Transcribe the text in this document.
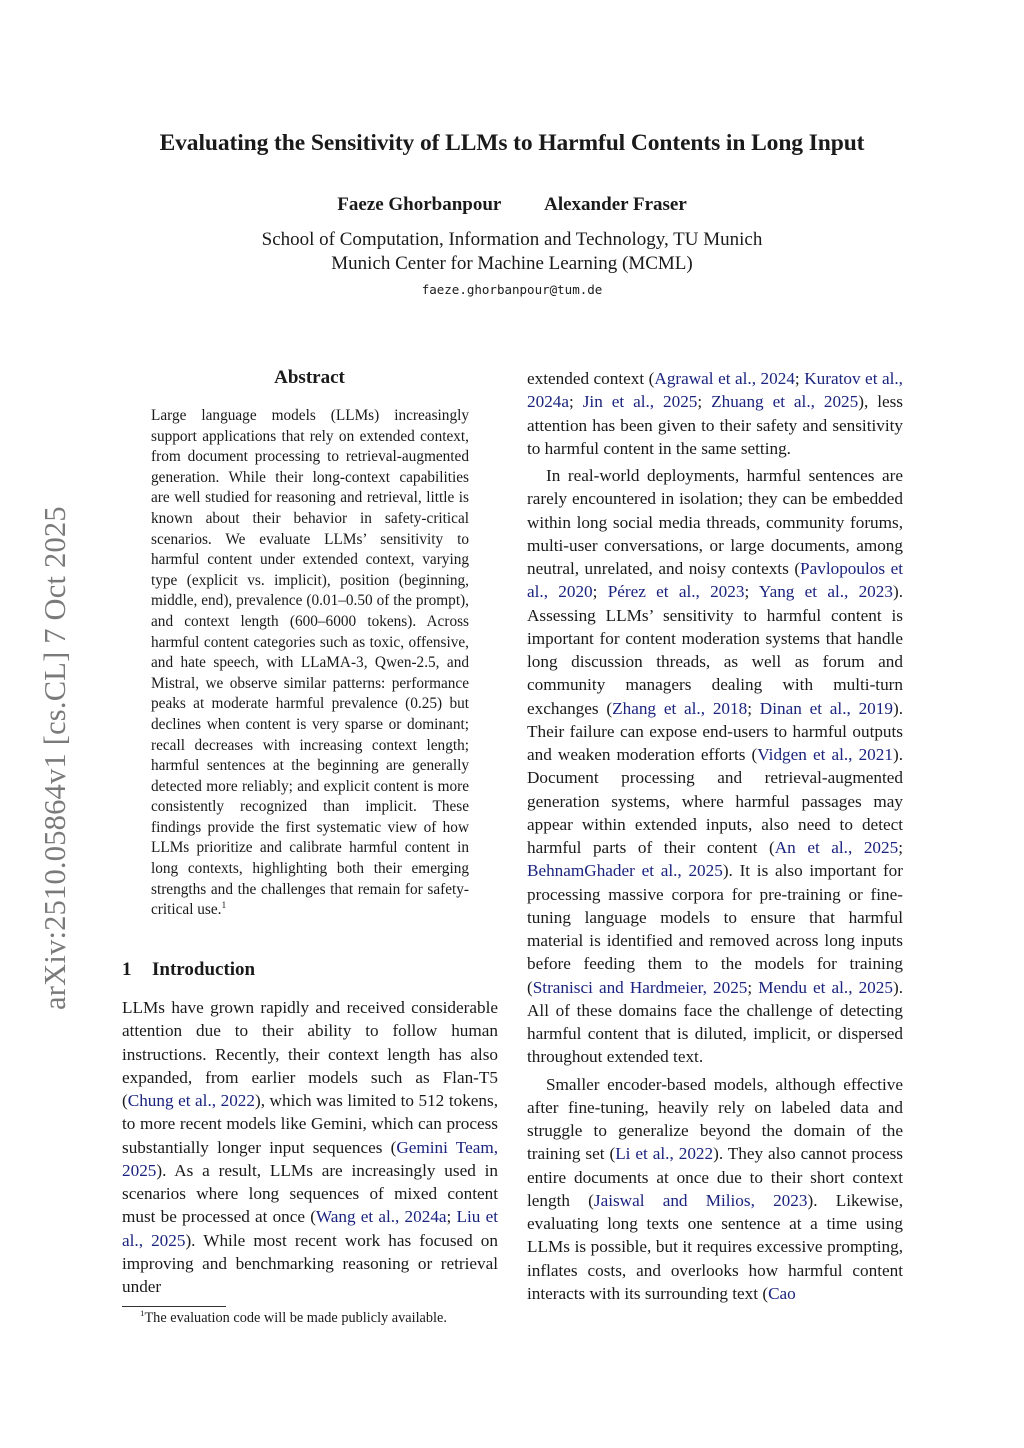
Evaluating the Sensitivity of LLMs to Harmful Contents in Long Input
Faeze Ghorbanpour Alexander Fraser
School of Computation, Information and Technology, TU Munich
Munich Center for Machine Learning (MCML)
faeze.ghorbanpour@tum.de
arXiv:2510.05864v1 [cs.CL] 7 Oct 2025
Abstract
Large language models (LLMs) increasingly support applications that rely on extended context, from document processing to retrieval-augmented generation. While their long-context capabilities are well studied for reasoning and retrieval, little is known about their behavior in safety-critical scenarios. We evaluate LLMs’ sensitivity to harmful content under extended context, varying type (explicit vs. implicit), position (beginning, middle, end), prevalence (0.01–0.50 of the prompt), and context length (600–6000 tokens). Across harmful content categories such as toxic, offensive, and hate speech, with LLaMA-3, Qwen-2.5, and Mistral, we observe similar patterns: performance peaks at moderate harmful prevalence (0.25) but declines when content is very sparse or dominant; recall decreases with increasing context length; harmful sentences at the beginning are generally detected more reliably; and explicit content is more consistently recognized than implicit. These findings provide the first systematic view of how LLMs prioritize and calibrate harmful content in long contexts, highlighting both their emerging strengths and the challenges that remain for safety-critical use.$^1$
1 Introduction

LLMs have grown rapidly and received considerable attention due to their ability to follow human instructions. Recently, their context length has also expanded, from earlier models such as Flan-T5 (Chung et al., 2022), which was limited to 512 tokens, to more recent models like Gemini, which can process substantially longer input sequences (Gemini Team, 2025). As a result, LLMs are increasingly used in scenarios where long sequences of mixed content must be processed at once (Wang et al., 2024a; Liu et al., 2025). While most recent work has focused on improving and benchmarking reasoning or retrieval under

$^1$The evaluation code will be made publicly available.

extended context (Agrawal et al., 2024; Kuratov et al., 2024a; Jin et al., 2025; Zhuang et al., 2025), less attention has been given to their safety and sensitivity to harmful content in the same setting.

In real-world deployments, harmful sentences are rarely encountered in isolation; they can be embedded within long social media threads, community forums, multi-user conversations, or large documents, among neutral, unrelated, and noisy contexts (Pavlopoulos et al., 2020; Pérez et al., 2023; Yang et al., 2023). Assessing LLMs’ sensitivity to harmful content is important for content moderation systems that handle long discussion threads, as well as forum and community managers dealing with multi-turn exchanges (Zhang et al., 2018; Dinan et al., 2019). Their failure can expose end-users to harmful outputs and weaken moderation efforts (Vidgen et al., 2021). Document processing and retrieval-augmented generation systems, where harmful passages may appear within extended inputs, also need to detect harmful parts of their content (An et al., 2025; BehnamGhader et al., 2025). It is also important for processing massive corpora for pre-training or fine-tuning language models to ensure that harmful material is identified and removed across long inputs before feeding them to the models for training (Stranisci and Hardmeier, 2025; Mendu et al., 2025). All of these domains face the challenge of detecting harmful content that is diluted, implicit, or dispersed throughout extended text.

Smaller encoder-based models, although effective after fine-tuning, heavily rely on labeled data and struggle to generalize beyond the domain of the training set (Li et al., 2022). They also cannot process entire documents at once due to their short context length (Jaiswal and Milios, 2023). Likewise, evaluating long texts one sentence at a time using LLMs is possible, but it requires excessive prompting, inflates costs, and overlooks how harmful content interacts with its surrounding text (Cao
